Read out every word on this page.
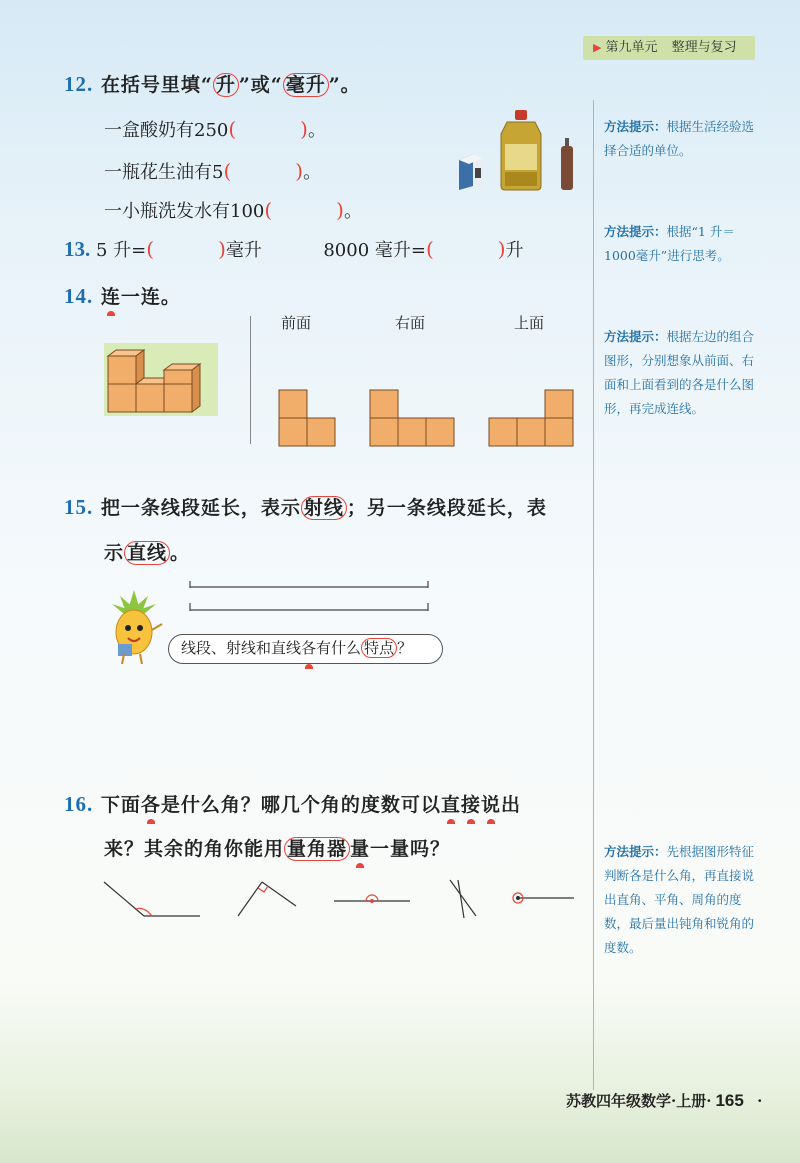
▶ 第九单元 整理与复习
12. 在括号里填“ 升 ”或“ 毫升 ”。
一盒酸奶有250(	)。
一瓶花生油有5(	)。
一小瓶洗发水有100(	)。
13. 5 升=(	)毫升	8000 毫升=(	)升
14. 连一连。
前面	右面	上面
15. 把一条线段延长，表示 射线 ；另一条线段延长，表
示 直线 。
线段、射线和直线各有什么 特点 ？
16. 下面各是什么角？哪几个角的度数可以直接说出
来？其余的角你能用 量角器 量一量吗？
方法提示：根据生活经验选择合适的单位。
方法提示：根据“1 升＝1000毫升”进行思考。
方法提示：根据左边的组合图形，分别想象从前面、右面和上面看到的各是什么图形，再完成连线。
方法提示：先根据图形特征判断各是什么角，再直接说出直角、平角、周角的度数，最后量出钝角和锐角的度数。
苏教四年级数学·上册· 165 ·
